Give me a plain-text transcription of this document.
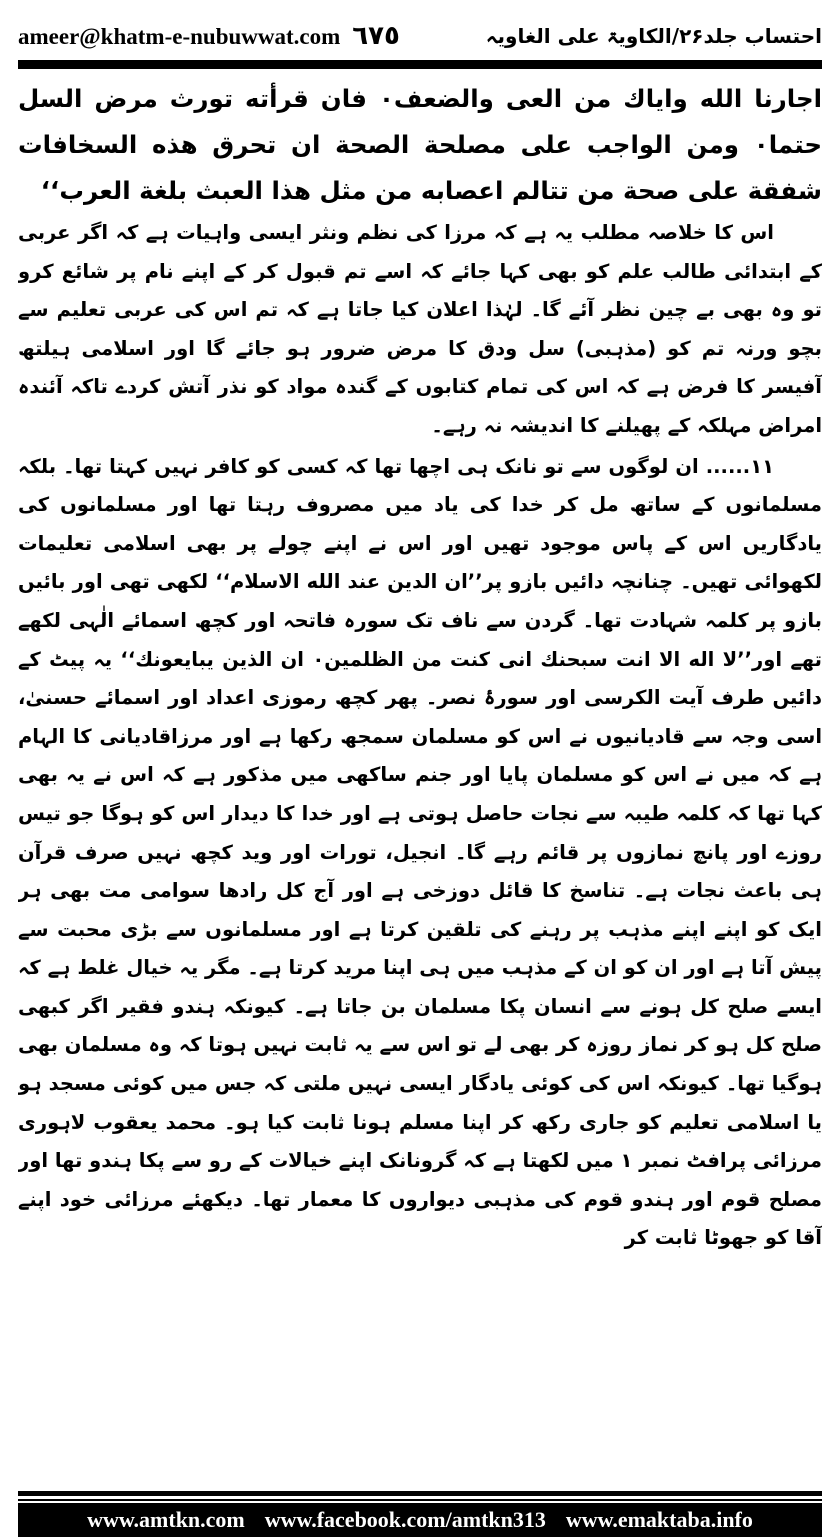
ameer@khatm-e-nubuwwat.com ٦٧٥	احتساب جلد۲۶/الکاویۃ علی الغاویہ

اجارنا الله واياك من العى والضعف٠ فان قرأته تورث مرض السل حتما٠ ومن الواجب على مصلحة الصحة ان تحرق هذه السخافات شفقة على صحة من تتالم اعصابه من مثل هذا العبث بلغة العرب‘‘

اس کا خلاصہ مطلب یہ ہے کہ مرزا کی نظم ونثر ایسی واہیات ہے کہ اگر عربی کے ابتدائی طالب علم کو بھی کہا جائے کہ اسے تم قبول کر کے اپنے نام پر شائع کرو تو وہ بھی بے چین نظر آئے گا۔ لہٰذا اعلان کیا جاتا ہے کہ تم اس کی عربی تعلیم سے بچو ورنہ تم کو (مذہبی) سل ودق کا مرض ضرور ہو جائے گا اور اسلامی ہیلتھ آفیسر کا فرض ہے کہ اس کی تمام کتابوں کے گندہ مواد کو نذر آتش کردے تاکہ آئندہ امراض مہلکہ کے پھیلنے کا اندیشہ نہ رہے۔

۱۱...... ان لوگوں سے تو نانک ہی اچھا تھا کہ کسی کو کافر نہیں کہتا تھا۔ بلکہ مسلمانوں کے ساتھ مل کر خدا کی یاد میں مصروف رہتا تھا اور مسلمانوں کی یادگاریں اس کے پاس موجود تھیں اور اس نے اپنے چولے پر بھی اسلامی تعلیمات لکھوائی تھیں۔ چنانچہ دائیں بازو پر’’ان الدين عند الله الاسلام‘‘ لکھی تھی اور بائیں بازو پر کلمہ شہادت تھا۔ گردن سے ناف تک سورہ فاتحہ اور کچھ اسمائے الٰہی لکھے تھے اور’’لا اله الا انت سبحنك انى كنت من الظلمين٠ ان الذين يبايعونك‘‘ یہ پیٹ کے دائیں طرف آیت الکرسی اور سورۂ نصر۔ پھر کچھ رموزی اعداد اور اسمائے حسنیٰ، اسی وجہ سے قادیانیوں نے اس کو مسلمان سمجھ رکھا ہے اور مرزاقادیانی کا الہام ہے کہ میں نے اس کو مسلمان پایا اور جنم ساکھی میں مذکور ہے کہ اس نے یہ بھی کہا تھا کہ کلمہ طیبہ سے نجات حاصل ہوتی ہے اور خدا کا دیدار اس کو ہوگا جو تیس روزے اور پانچ نمازوں پر قائم رہے گا۔ انجیل، تورات اور وید کچھ نہیں صرف قرآن ہی باعث نجات ہے۔ تناسخ کا قائل دوزخی ہے اور آج کل رادھا سوامی مت بھی ہر ایک کو اپنے اپنے مذہب پر رہنے کی تلقین کرتا ہے اور مسلمانوں سے بڑی محبت سے پیش آتا ہے اور ان کو ان کے مذہب میں ہی اپنا مرید کرتا ہے۔ مگر یہ خیال غلط ہے کہ ایسے صلح کل ہونے سے انسان پکا مسلمان بن جاتا ہے۔ کیونکہ ہندو فقیر اگر کبھی صلح کل ہو کر نماز روزہ کر بھی لے تو اس سے یہ ثابت نہیں ہوتا کہ وہ مسلمان بھی ہوگیا تھا۔ کیونکہ اس کی کوئی یادگار ایسی نہیں ملتی کہ جس میں کوئی مسجد ہو یا اسلامی تعلیم کو جاری رکھ کر اپنا مسلم ہونا ثابت کیا ہو۔ محمد یعقوب لاہوری مرزائی پرافٹ نمبر ۱ میں لکھتا ہے کہ گرونانک اپنے خیالات کے رو سے پکا ہندو تھا اور مصلح قوم اور ہندو قوم کی مذہبی دیواروں کا معمار تھا۔ دیکھئے مرزائی خود اپنے آقا کو جھوٹا ثابت کر

www.amtkn.com www.facebook.com/amtkn313 www.emaktaba.info
